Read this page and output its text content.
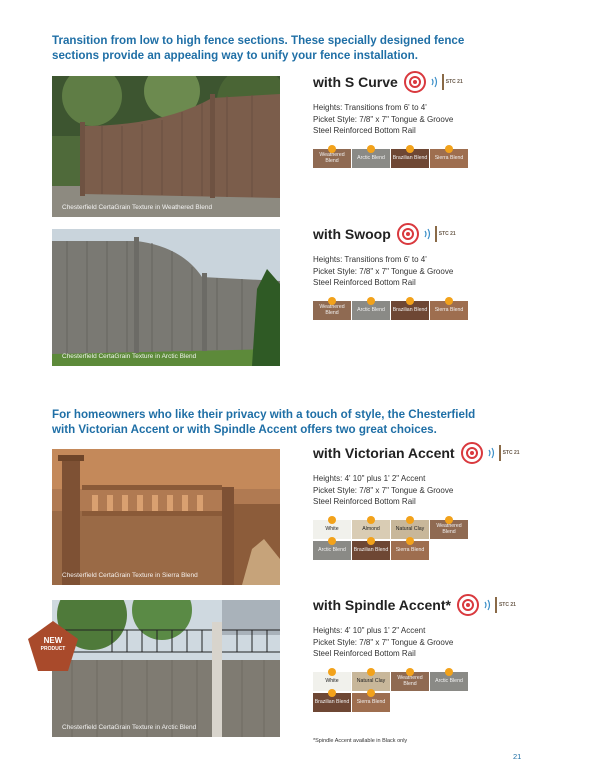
Transition from low to high fence sections. These specially designed fence sections provide an appealing way to unify your fence installation.
For homeowners who like their privacy with a touch of style, the Chesterfield with Victorian Accent or with Spindle Accent offers two great choices.
Chesterfield CertaGrain Texture in Weathered Blend
Chesterfield CertaGrain Texture in Arctic Blend
Chesterfield CertaGrain Texture in Sierra Blend
Chesterfield CertaGrain Texture in Arctic Blend
NEW
PRODUCT
with S Curve	STC 21
Heights: Transitions from 6' to 4'
Picket Style: 7/8" x 7" Tongue & Groove
Steel Reinforced Bottom Rail
Weathered Blend	Arctic Blend Brazilian Blend Sierra Blend
with Swoop	STC 21
Heights: Transitions from 6' to 4'
Picket Style: 7/8" x 7" Tongue & Groove
Steel Reinforced Bottom Rail
Weathered Blend	Arctic Blend Brazilian Blend Sierra Blend
with Victorian Accent	STC 21
Heights: 4' 10" plus 1' 2" Accent
Picket Style: 7/8" x 7" Tongue & Groove
Steel Reinforced Bottom Rail
White	Almond	Natural Clay	Weathered Blend
Arctic Blend Brazilian Blend Sierra Blend
with Spindle Accent*	STC 21
Heights: 4' 10" plus 1' 2" Accent
Picket Style: 7/8" x 7" Tongue & Groove
Steel Reinforced Bottom Rail
White	Natural Clay	Weathered Blend	Arctic Blend
Brazilian Blend Sierra Blend
*Spindle Accent available in Black only
21
